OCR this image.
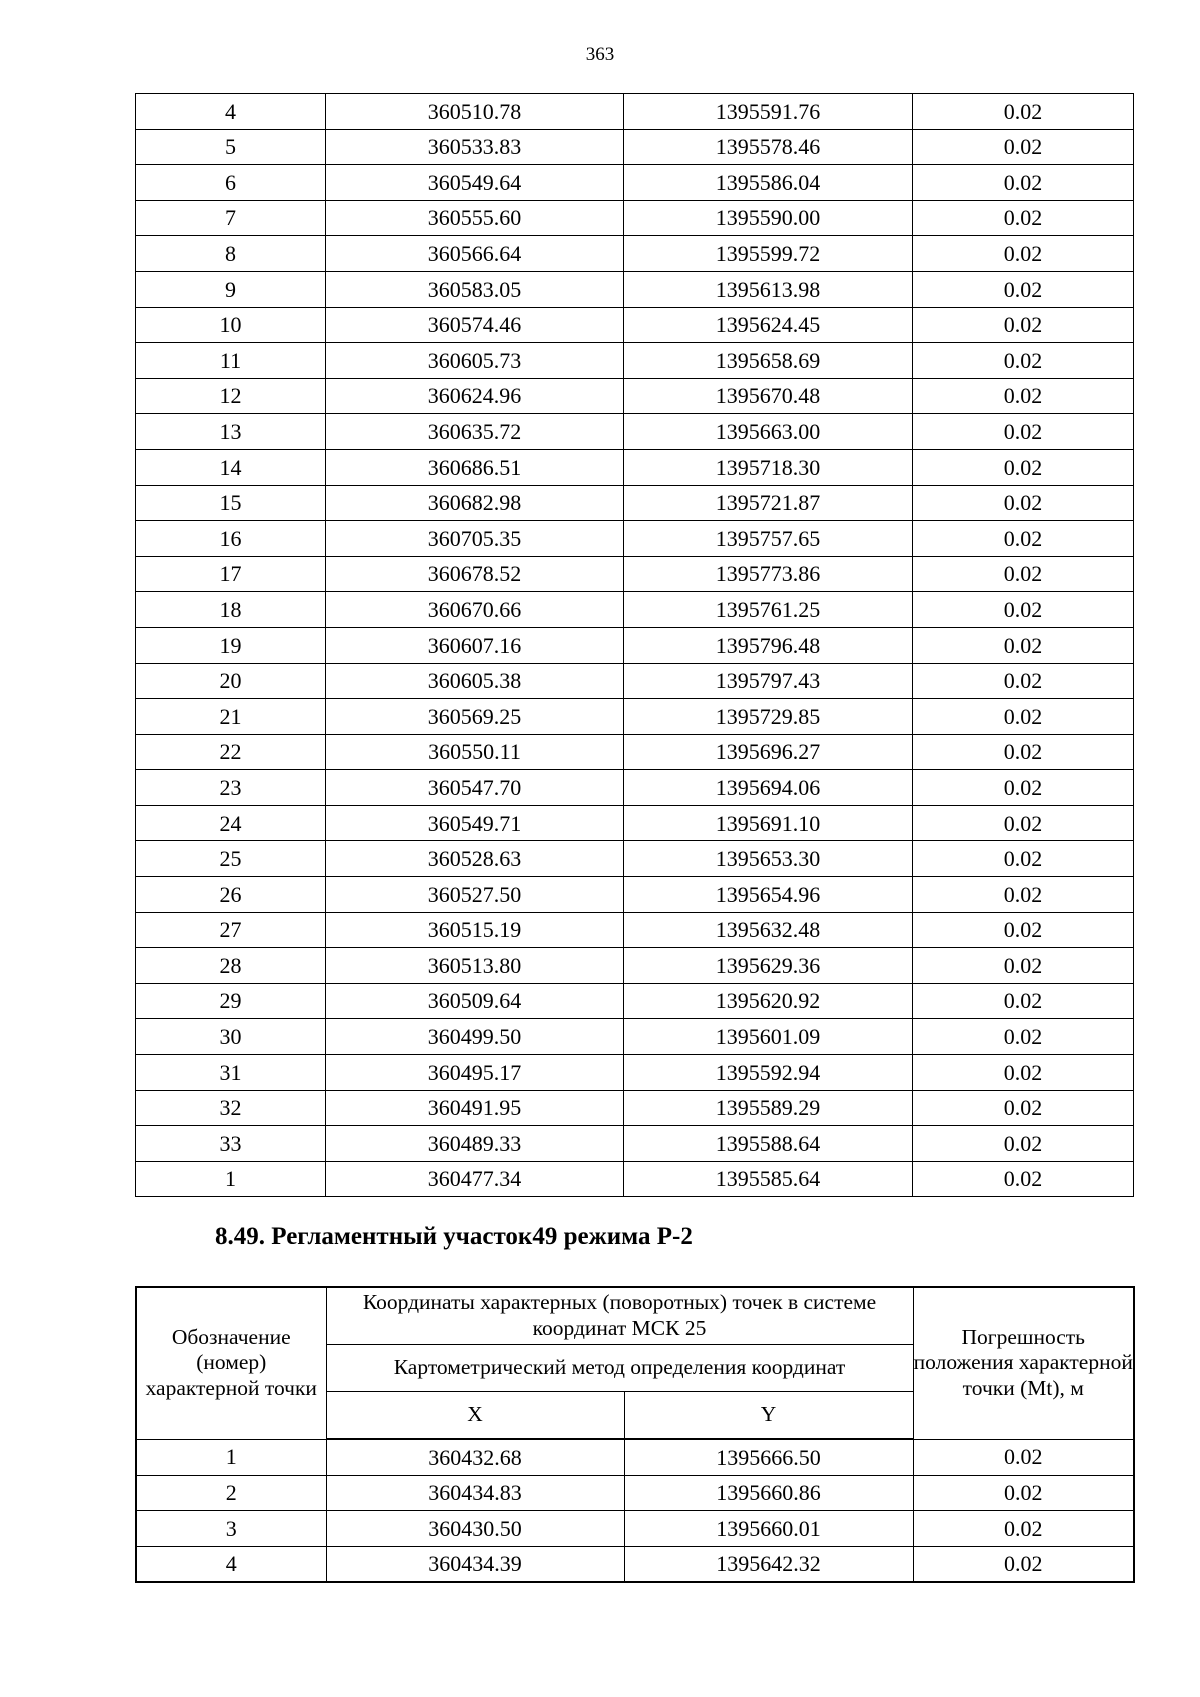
363
4	360510.78	1395591.76	0.02
5	360533.83	1395578.46	0.02
6	360549.64	1395586.04	0.02
7	360555.60	1395590.00	0.02
8	360566.64	1395599.72	0.02
9	360583.05	1395613.98	0.02
10	360574.46	1395624.45	0.02
11	360605.73	1395658.69	0.02
12	360624.96	1395670.48	0.02
13	360635.72	1395663.00	0.02
14	360686.51	1395718.30	0.02
15	360682.98	1395721.87	0.02
16	360705.35	1395757.65	0.02
17	360678.52	1395773.86	0.02
18	360670.66	1395761.25	0.02
19	360607.16	1395796.48	0.02
20	360605.38	1395797.43	0.02
21	360569.25	1395729.85	0.02
22	360550.11	1395696.27	0.02
23	360547.70	1395694.06	0.02
24	360549.71	1395691.10	0.02
25	360528.63	1395653.30	0.02
26	360527.50	1395654.96	0.02
27	360515.19	1395632.48	0.02
28	360513.80	1395629.36	0.02
29	360509.64	1395620.92	0.02
30	360499.50	1395601.09	0.02
31	360495.17	1395592.94	0.02
32	360491.95	1395589.29	0.02
33	360489.33	1395588.64	0.02
1	360477.34	1395585.64	0.02
8.49. Регламентный участок49 режима Р-2
Обозначение (номер) характерной точки	Координаты характерных (поворотных) точек в системе координат МСК 25		Погрешность положения характерной точки (Mt), м
	Картометрический метод определения координат		
	X	Y	
1	360432.68	1395666.50	0.02
2	360434.83	1395660.86	0.02
3	360430.50	1395660.01	0.02
4	360434.39	1395642.32	0.02
